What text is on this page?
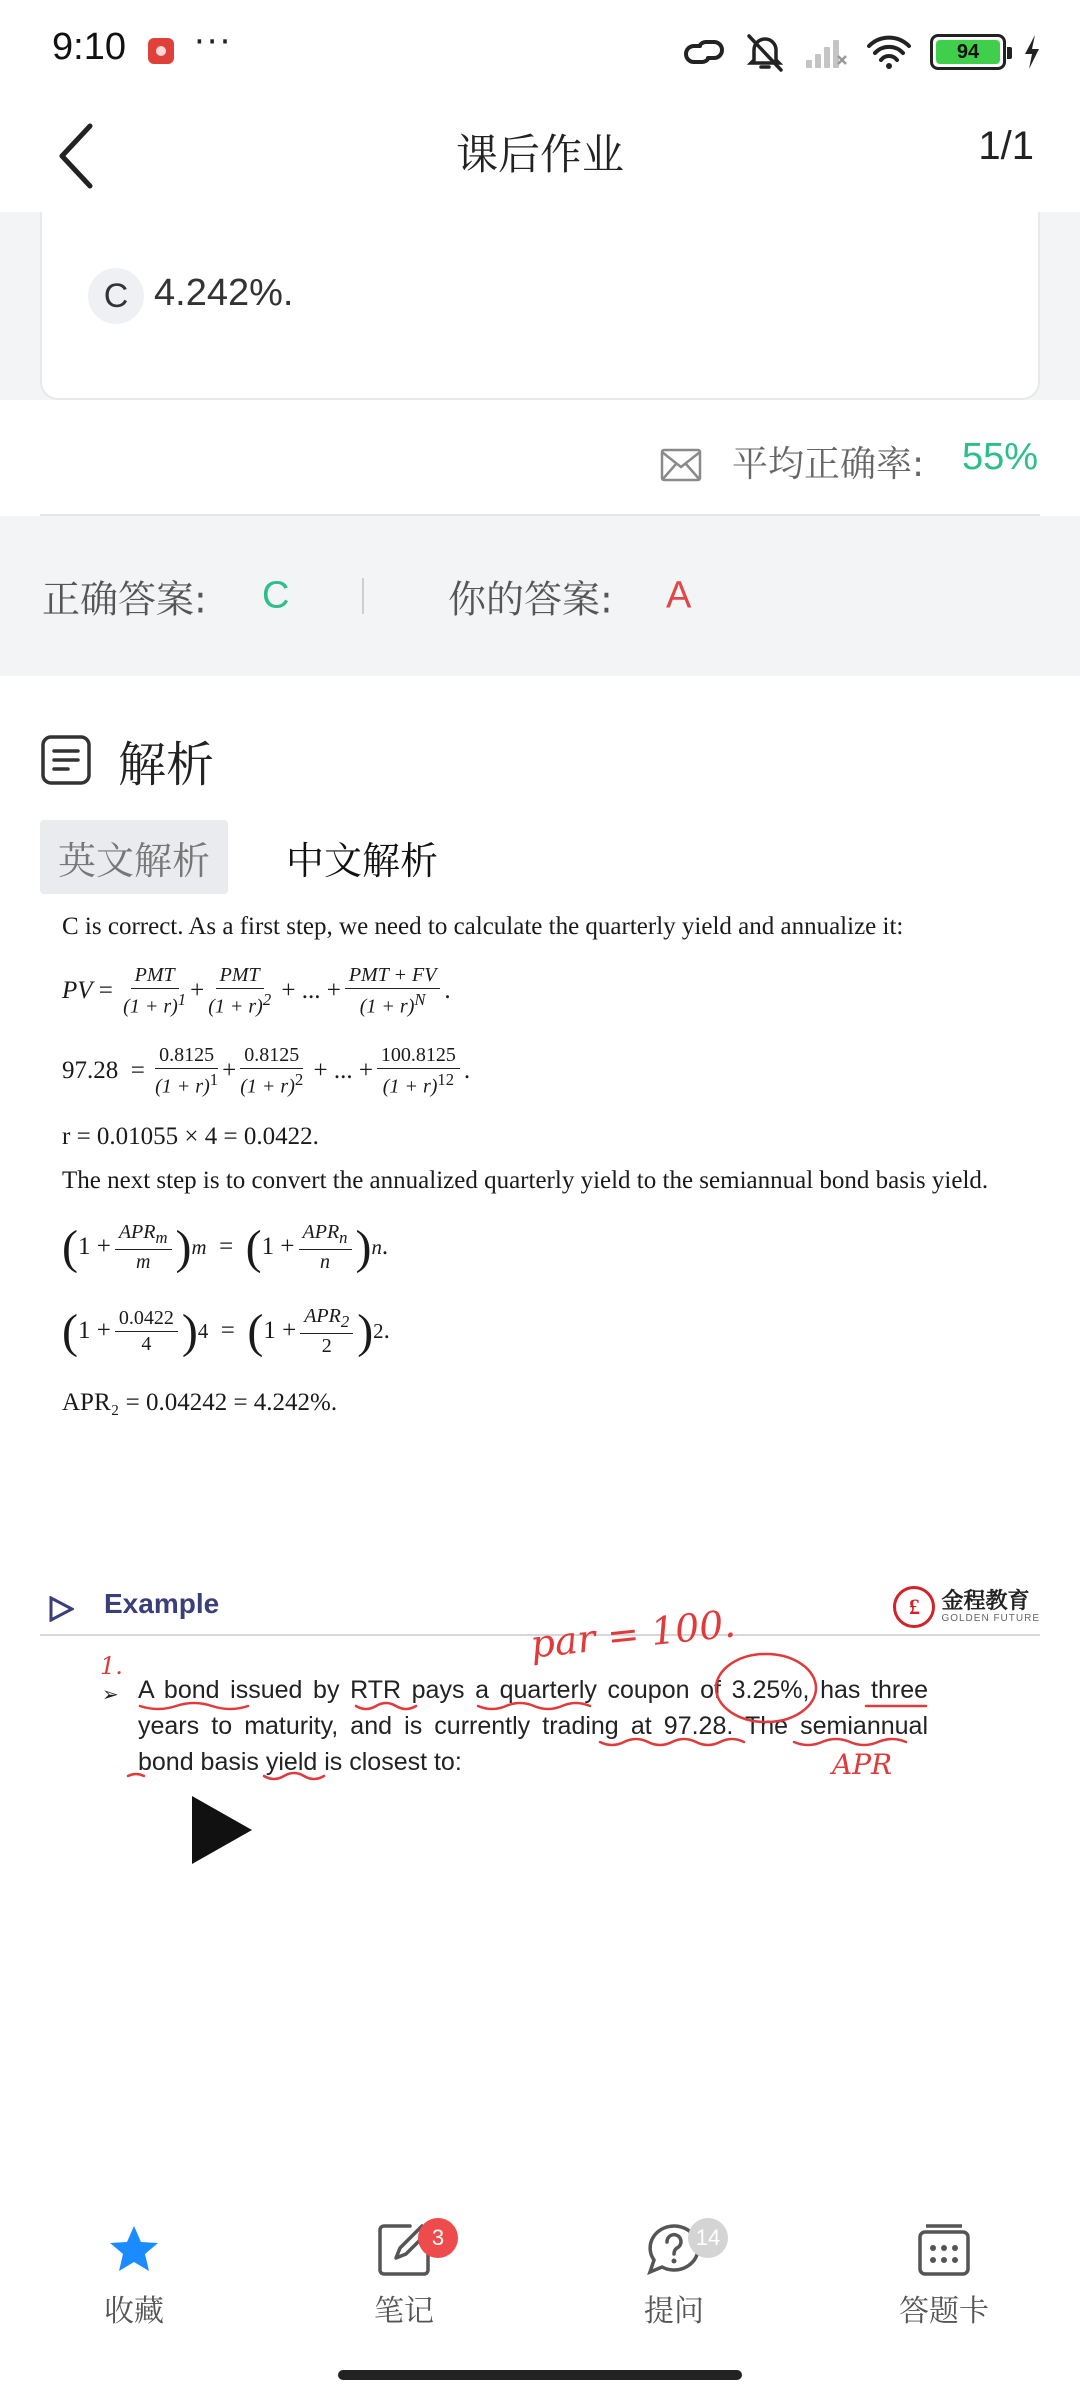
9:10 ···	94
课后作业	1/1
C 4.242%.
平均正确率: 55%
正确答案: C	你的答案: A
解析
英文解析	中文解析
C is correct. As a first step, we need to calculate the quarterly yield and annualize it:
PV = $\frac{\text{PMT}}{(1 + r)^1} + \frac{\text{PMT}}{(1 + r)^2}$ + ... + $\frac{\text{PMT + FV}}{(1 + r)^N}$ .
$97.28 = \frac{0.8125}{(1 + r)^1} + \frac{0.8125}{(1 + r)^2}$ + ... + $\frac{100.8125}{(1 + r)^{12}}$ .
r = 0.01055 × 4 = 0.0422.
The next step is to convert the annualized quarterly yield to the semiannual bond basis yield.
( $1 + \frac{APR_m}{m}$ ) m = ( $1 + \frac{APR_n}{n}$ ) n .
( $1 + \frac{0.0422}{4}$ ) 4 = ( $1 + \frac{APR_2}{2}$ ) 2 .
APR₂ = 0.04242 = 4.242%.
Example	£ 金程教育
GOLDEN FUTURE
➢ A bond issued by RTR pays a quarterly coupon of 3.25%, has three years to maturity, and is currently trading at 97.28. The semiannual bond basis yield is closest to:
par = 100.
APR
1.
收藏
3
笔记
14
提问	答题卡
